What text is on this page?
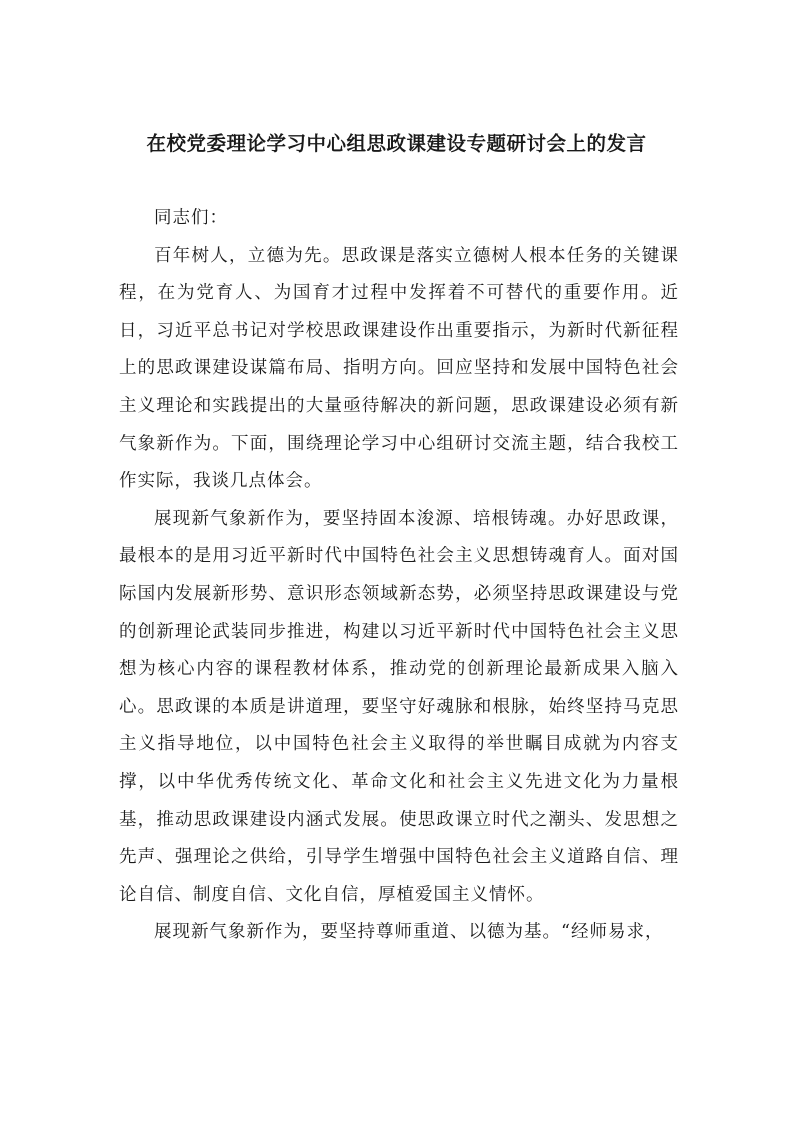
在校党委理论学习中心组思政课建设专题研讨会上的发言

同志们：

百年树人，立德为先。思政课是落实立德树人根本任务的关键课程，在为党育人、为国育才过程中发挥着不可替代的重要作用。近日，习近平总书记对学校思政课建设作出重要指示，为新时代新征程上的思政课建设谋篇布局、指明方向。回应坚持和发展中国特色社会主义理论和实践提出的大量亟待解决的新问题，思政课建设必须有新气象新作为。下面，围绕理论学习中心组研讨交流主题，结合我校工作实际，我谈几点体会。

展现新气象新作为，要坚持固本浚源、培根铸魂。办好思政课，最根本的是用习近平新时代中国特色社会主义思想铸魂育人。面对国际国内发展新形势、意识形态领域新态势，必须坚持思政课建设与党的创新理论武装同步推进，构建以习近平新时代中国特色社会主义思想为核心内容的课程教材体系，推动党的创新理论最新成果入脑入心。思政课的本质是讲道理，要坚守好魂脉和根脉，始终坚持马克思主义指导地位，以中国特色社会主义取得的举世瞩目成就为内容支撑，以中华优秀传统文化、革命文化和社会主义先进文化为力量根基，推动思政课建设内涵式发展。使思政课立时代之潮头、发思想之先声、强理论之供给，引导学生增强中国特色社会主义道路自信、理论自信、制度自信、文化自信，厚植爱国主义情怀。

展现新气象新作为，要坚持尊师重道、以德为基。“经师易求，
